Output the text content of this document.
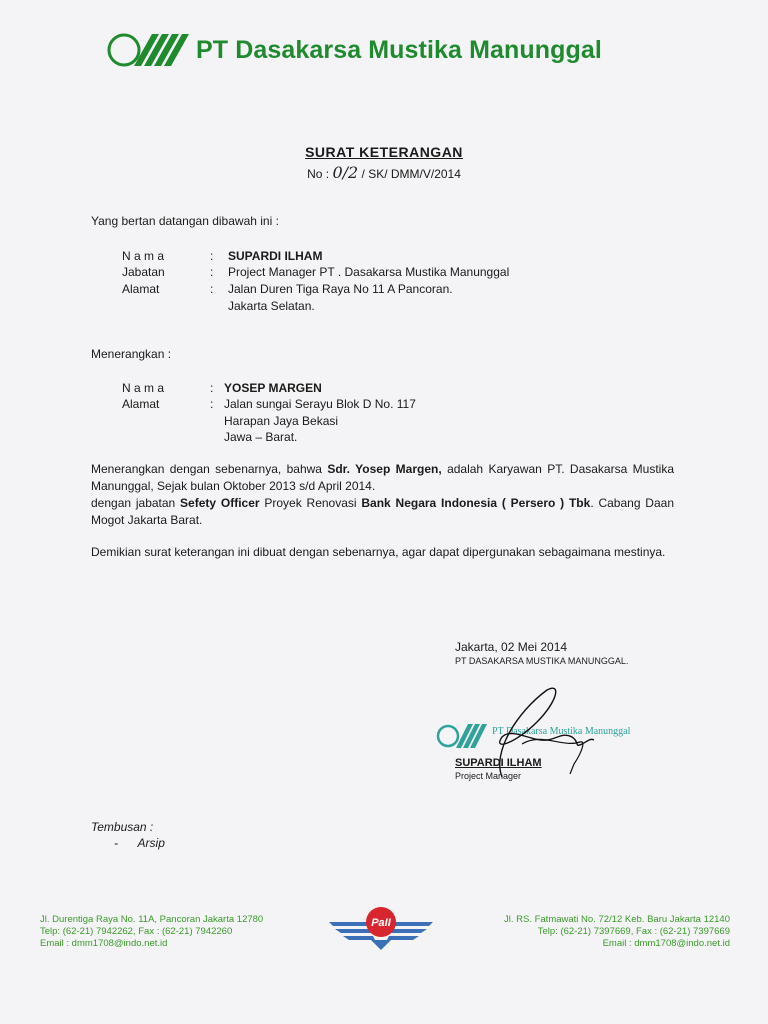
PT Dasakarsa Mustika Manunggal
SURAT KETERANGAN
No : 0/2 / SK/ DMM/V/2014
Yang bertan datangan dibawah ini :
N a m a	: SUPARDI ILHAM
Jabatan	: Project Manager PT . Dasakarsa Mustika Manunggal
Alamat	: Jalan Duren Tiga Raya No 11 A Pancoran.
Jakarta Selatan.
Menerangkan :
N a m a	: YOSEP MARGEN
Alamat	: Jalan sungai Serayu Blok D No. 117
Harapan Jaya Bekasi
Jawa – Barat.
Menerangkan dengan sebenarnya, bahwa Sdr. Yosep Margen, adalah Karyawan PT. Dasakarsa Mustika Manunggal, Sejak bulan Oktober 2013 s/d April 2014.
dengan jabatan Sefety Officer Proyek Renovasi Bank Negara Indonesia ( Persero ) Tbk. Cabang Daan Mogot Jakarta Barat.
Demikian surat keterangan ini dibuat dengan sebenarnya, agar dapat dipergunakan sebagaimana mestinya.
Jakarta, 02 Mei 2014
PT DASAKARSA MUSTIKA MANUNGGAL.
PT Dasakarsa Mustika Manunggal
SUPARDI ILHAM
Project Manager
Tembusan :
-      Arsip
Jl. Durentiga Raya No. 11A, Pancoran Jakarta 12780
Telp: (62-21) 7942262, Fax : (62-21) 7942260
Email : dmm1708@indo.net.id
PaII	Jl. RS. Fatmawati No. 72/12 Keb. Baru Jakarta 12140
Telp: (62-21) 7397669, Fax : (62-21) 7397669
Email : dmm1708@indo.net.id
